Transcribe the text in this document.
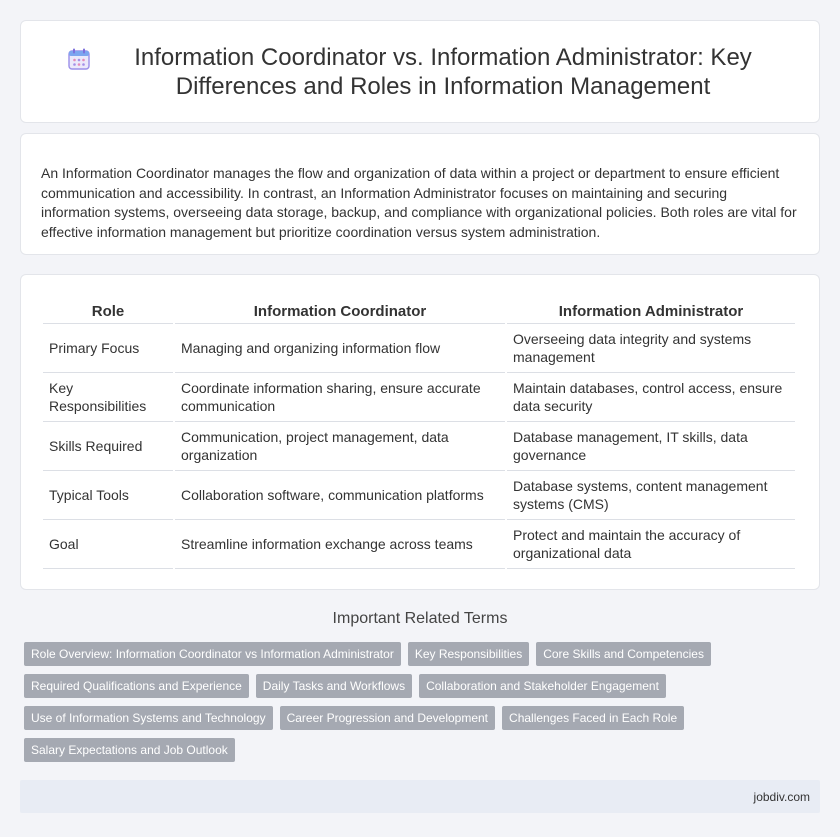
Information Coordinator vs. Information Administrator: Key Differences and Roles in Information Management

An Information Coordinator manages the flow and organization of data within a project or department to ensure efficient communication and accessibility. In contrast, an Information Administrator focuses on maintaining and securing information systems, overseeing data storage, backup, and compliance with organizational policies. Both roles are vital for effective information management but prioritize coordination versus system administration.

Role	Information Coordinator	Information Administrator
Primary Focus	Managing and organizing information flow	Overseeing data integrity and systems management
Key Responsibilities	Coordinate information sharing, ensure accurate communication	Maintain databases, control access, ensure data security
Skills Required	Communication, project management, data organization	Database management, IT skills, data governance
Typical Tools	Collaboration software, communication platforms	Database systems, content management systems (CMS)
Goal	Streamline information exchange across teams	Protect and maintain the accuracy of organizational data
Important Related Terms
Role Overview: Information Coordinator vs Information Administrator	Key Responsibilities	Core Skills and Competencies
Required Qualifications and Experience	Daily Tasks and Workflows	Collaboration and Stakeholder Engagement
Use of Information Systems and Technology	Career Progression and Development	Challenges Faced in Each Role
Salary Expectations and Job Outlook
jobdiv.com
